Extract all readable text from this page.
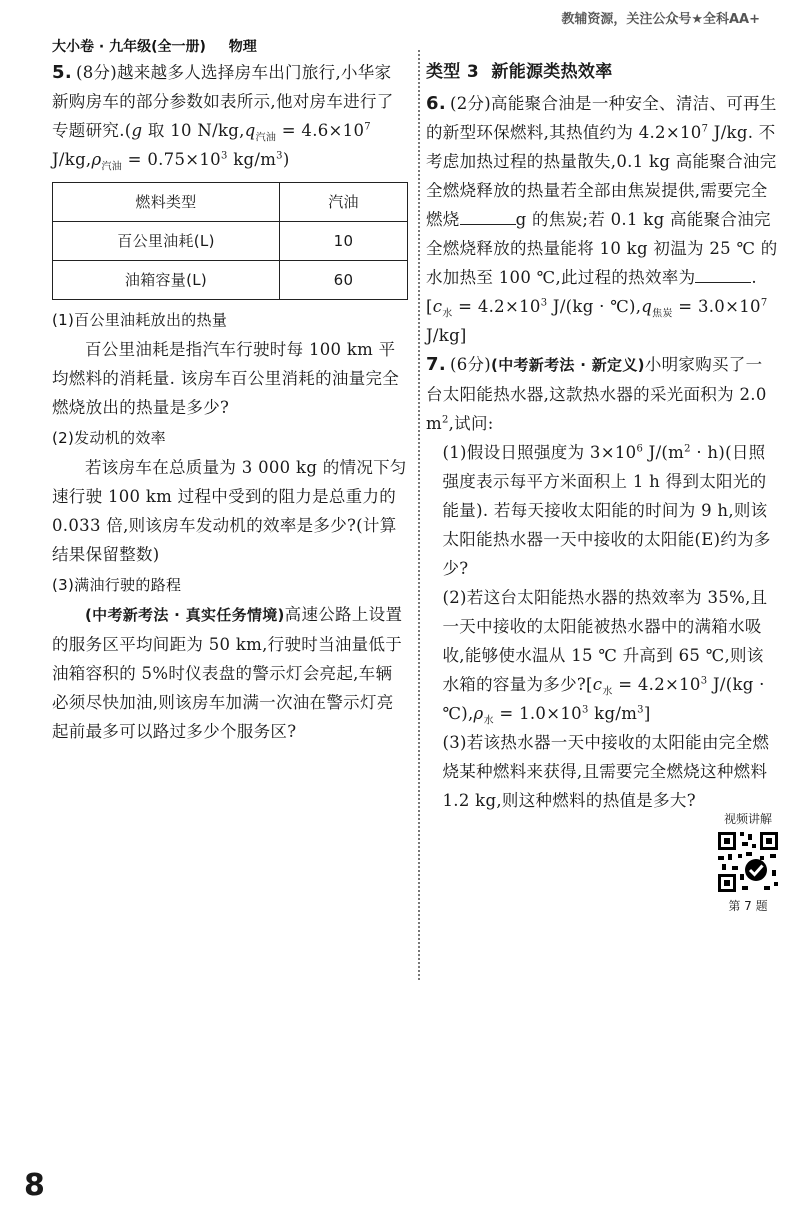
教辅资源，关注公众号★全科AA+
大小卷 · 九年级(全一册) 物理

5. (8分)越来越多人选择房车出门旅行,小华家新购房车的部分参数如表所示,他对房车进行了专题研究.(g 取 10 $N/kg,q_{汽油} = 4.6\times 10^7$ $J/kg,\rho_{汽油} = 0.75\times 10^3$ $kg/m^3$)

燃料类型	汽油
百公里油耗(L)	10
油箱容量(L)	60

(1)百公里油耗放出的热量

百公里油耗是指汽车行驶时每 100 km 平均燃料的消耗量. 该房车百公里消耗的油量完全燃烧放出的热量是多少?

(2)发动机的效率

若该房车在总质量为 3 000 kg 的情况下匀速行驶 100 km 过程中受到的阻力是总重力的 0.033 倍,则该房车发动机的效率是多少?(计算结果保留整数)

(3)满油行驶的路程

(中考新考法 · 真实任务情境)高速公路上设置的服务区平均间距为 50 km,行驶时当油量低于油箱容积的 5%时仪表盘的警示灯会亮起,车辆必须尽快加油,则该房车加满一次油在警示灯亮起前最多可以路过多少个服务区?

类型 3 新能源类热效率

6. (2分)高能聚合油是一种安全、清洁、可再生的新型环保燃料,其热值约为 $4.2\times 10^7$ J/kg. 不考虑加热过程的热量散失,0.1 kg 高能聚合油完全燃烧释放的热量若全部由焦炭提供,需要完全燃烧	g 的焦炭;若 0.1 kg 高能聚合油完全燃烧释放的热量能将 10 kg 初温为 25 ℃ 的水加热至 100 ℃,此过程的热效率为	. [$c_水 = 4.2\times 10^3$ $J/(kg \cdot ℃),q_{焦炭} = 3.0\times 10^7$ J/kg]

7. (6分)(中考新考法 · 新定义)小明家购买了一台太阳能热水器,这款热水器的采光面积为 2.0 $m^2$,试问:

(1)假设日照强度为 $3\times 10^6$ $J/(m^2 \cdot h)$(日照强度表示每平方米面积上 1 h 得到太阳光的能量). 若每天接收太阳能的时间为 9 h,则该太阳能热水器一天中接收的太阳能(E)约为多少?

(2)若这台太阳能热水器的热效率为 35%,且一天中接收的太阳能被热水器中的满箱水吸收,能够使水温从 15 ℃ 升高到 65 ℃,则该水箱的容量为多少$?[c_水 = 4.2\times 10^3$ $J/(kg \cdot ℃),\rho_水 = 1.0\times 10^3$ $kg/m^3$]

(3)若该热水器一天中接收的太阳能由完全燃烧某种燃料来获得,且需要完全燃烧这种燃料 1.2 kg,则这种燃料的热值是多大?

视频讲解
第 7 题
8
